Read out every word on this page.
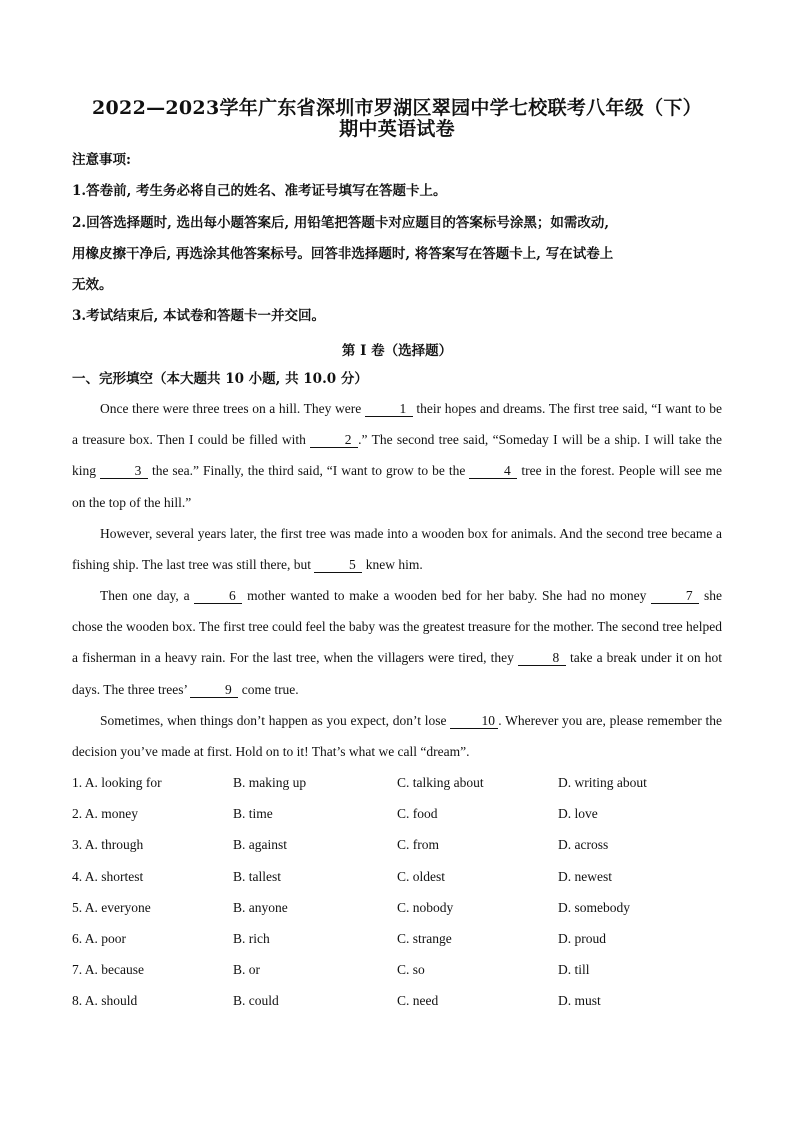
2022—2023学年广东省深圳市罗湖区翠园中学七校联考八年级（下）
期中英语试卷
注意事项:
1.答卷前, 考生务必将自己的姓名、准考证号填写在答题卡上。
2.回答选择题时, 选出每小题答案后, 用铅笔把答题卡对应题目的答案标号涂黑；如需改动,
用橡皮擦干净后, 再选涂其他答案标号。回答非选择题时, 将答案写在答题卡上, 写在试卷上
无效。
3.考试结束后, 本试卷和答题卡一并交回。
第 I 卷（选择题）
一、完形填空（本大题共 10 小题, 共 10.0 分）
Once there were three trees on a hill. They were	1 their hopes and dreams. The first tree said, “I want to be a treasure box. Then I could be filled with	2 .” The second tree said, “Someday I will be a ship. I will take the king	3 the sea.” Finally, the third said, “I want to grow to be the	4 tree in the forest. People will see me on the top of the hill.”
However, several years later, the first tree was made into a wooden box for animals. And the second tree became a fishing ship. The last tree was still there, but	5 knew him.
Then one day, a	6 mother wanted to make a wooden bed for her baby. She had no money	7 she chose the wooden box. The first tree could feel the baby was the greatest treasure for the mother. The second tree helped a fisherman in a heavy rain. For the last tree, when the villagers were tired, they	8 take a break under it on hot days. The three trees’	9 come true.
Sometimes, when things don’t happen as you expect, don’t lose 10 . Wherever you are, please remember the decision you’ve made at first. Hold on to it! That’s what we call “dream”.
1. A. looking for	B. making up	C. talking about	D. writing about
2. A. money	B. time	C. food	D. love
3. A. through	B. against	C. from	D. across
4. A. shortest	B. tallest	C. oldest	D. newest
5. A. everyone	B. anyone	C. nobody	D. somebody
6. A. poor	B. rich	C. strange	D. proud
7. A. because	B. or	C. so	D. till
8. A. should	B. could	C. need	D. must
